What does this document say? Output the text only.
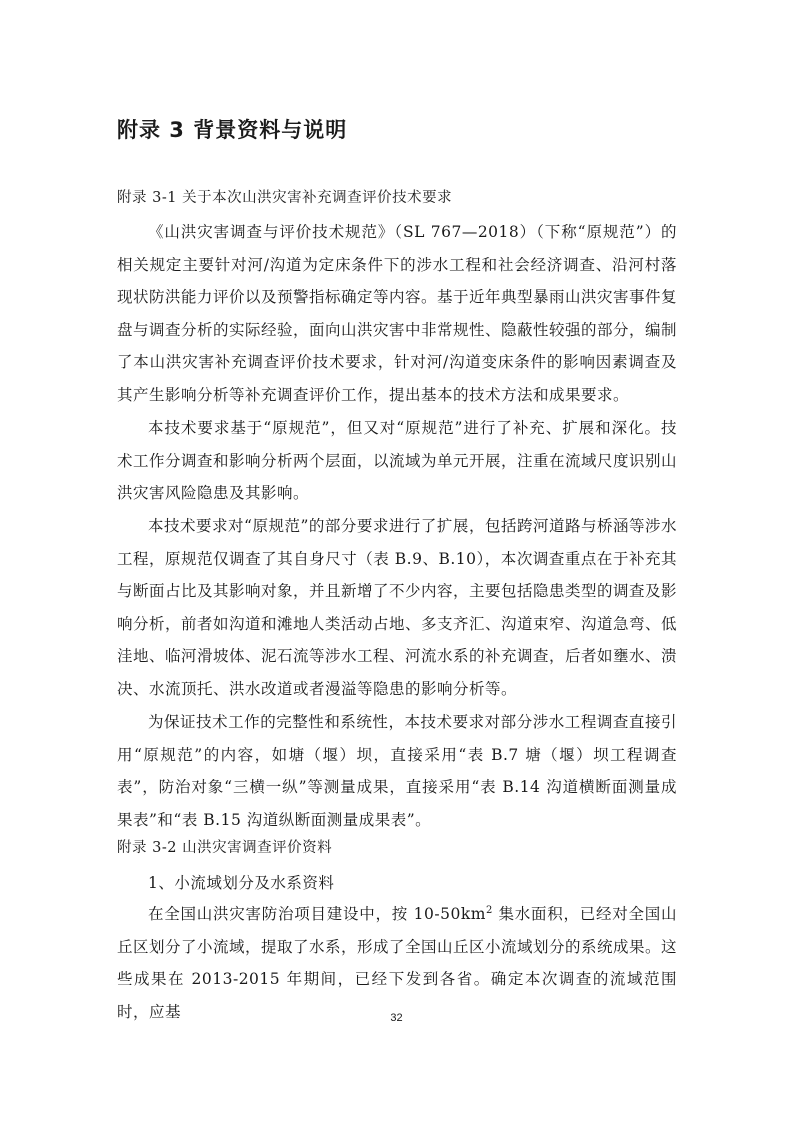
附录 3 背景资料与说明

附录 3-1 关于本次山洪灾害补充调查评价技术要求

《山洪灾害调查与评价技术规范》（SL 767—2018）（下称“原规范”）的相关规定主要针对河/沟道为定床条件下的涉水工程和社会经济调查、沿河村落现状防洪能力评价以及预警指标确定等内容。基于近年典型暴雨山洪灾害事件复盘与调查分析的实际经验，面向山洪灾害中非常规性、隐蔽性较强的部分，编制了本山洪灾害补充调查评价技术要求，针对河/沟道变床条件的影响因素调查及其产生影响分析等补充调查评价工作，提出基本的技术方法和成果要求。

本技术要求基于“原规范”，但又对“原规范”进行了补充、扩展和深化。技术工作分调查和影响分析两个层面，以流域为单元开展，注重在流域尺度识别山洪灾害风险隐患及其影响。

本技术要求对“原规范”的部分要求进行了扩展，包括跨河道路与桥涵等涉水工程，原规范仅调查了其自身尺寸（表 B.9、B.10），本次调查重点在于补充其与断面占比及其影响对象，并且新增了不少内容，主要包括隐患类型的调查及影响分析，前者如沟道和滩地人类活动占地、多支齐汇、沟道束窄、沟道急弯、低洼地、临河滑坡体、泥石流等涉水工程、河流水系的补充调查，后者如壅水、溃决、水流顶托、洪水改道或者漫溢等隐患的影响分析等。

为保证技术工作的完整性和系统性，本技术要求对部分涉水工程调查直接引用“原规范”的内容，如塘（堰）坝，直接采用“表 B.7 塘（堰）坝工程调查表”，防治对象“三横一纵”等测量成果，直接采用“表 B.14 沟道横断面测量成果表”和“表 B.15 沟道纵断面测量成果表”。

附录 3-2 山洪灾害调查评价资料

1、小流域划分及水系资料

在全国山洪灾害防治项目建设中，按 $10-50km^2$ 集水面积，已经对全国山丘区划分了小流域，提取了水系，形成了全国山丘区小流域划分的系统成果。这些成果在 2013-2015 年期间，已经下发到各省。确定本次调查的流域范围时，应基	32
